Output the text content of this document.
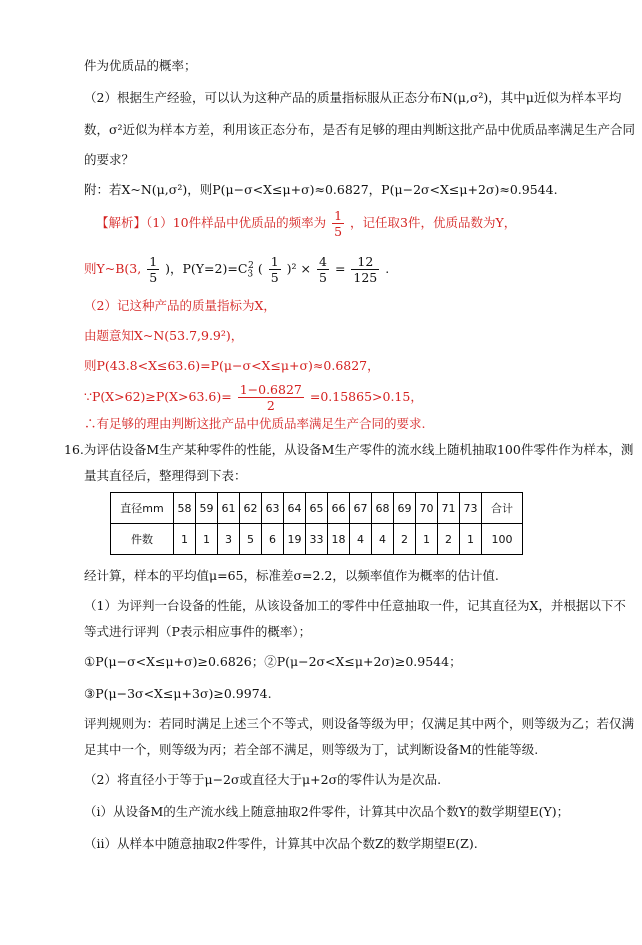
件为优质品的概率；
（2）根据生产经验，可以认为这种产品的质量指标服从正态分布N(μ,σ²)，其中μ近似为样本平均
数，σ²近似为样本方差，利用该正态分布，是否有足够的理由判断这批产品中优质品率满足生产合同
的要求？
附：若X~N(μ,σ²)，则P(μ−σ<X≤μ+σ)≈0.6827，P(μ−2σ<X≤μ+2σ)≈0.9544.
【解析】（1）10件样品中优质品的频率为 $\frac{1}{5}$ ，记任取3件，优质品数为Y，
则Y~B(3, $\frac{1}{5}$ )，$P(Y=2)=C_3^2$ ( $\frac{1}{5} )^2 \times \frac{4}{5} = \frac{12}{125}$ .
（2）记这种产品的质量指标为X，
由题意知X~N(53.7,9.9²)，
则P(43.8<X≤63.6)=P(μ−σ<X≤μ+σ)≈0.6827，
∵P(X>62)≥P(X>63.6)= $\frac{1-0.6827}{2} =0.15865>0.15$，
∴有足够的理由判断这批产品中优质品率满足生产合同的要求.
16.为评估设备M生产某种零件的性能，从设备M生产零件的流水线上随机抽取100件零件作为样本，测
量其直径后，整理得到下表：
直径mm	58	59	61	62	63	64	65	66	67	68	69	70	71	73	合计
件数	1	1	3	5	6	19	33	18	4	4	2	1	2	1	100
经计算，样本的平均值μ=65，标准差σ=2.2，以频率值作为概率的估计值.
（1）为评判一台设备的性能，从该设备加工的零件中任意抽取一件，记其直径为X，并根据以下不
等式进行评判（P表示相应事件的概率）；
①P(μ−σ<X≤μ+σ)≥0.6826；②P(μ−2σ<X≤μ+2σ)≥0.9544；
③P(μ−3σ<X≤μ+3σ)≥0.9974.
评判规则为：若同时满足上述三个不等式，则设备等级为甲；仅满足其中两个，则等级为乙；若仅满
足其中一个，则等级为丙；若全部不满足，则等级为丁，试判断设备M的性能等级.
（2）将直径小于等于μ−2σ或直径大于μ+2σ的零件认为是次品.
（ⅰ）从设备M的生产流水线上随意抽取2件零件，计算其中次品个数Y的数学期望E(Y)；
（ⅱ）从样本中随意抽取2件零件，计算其中次品个数Z的数学期望E(Z).
